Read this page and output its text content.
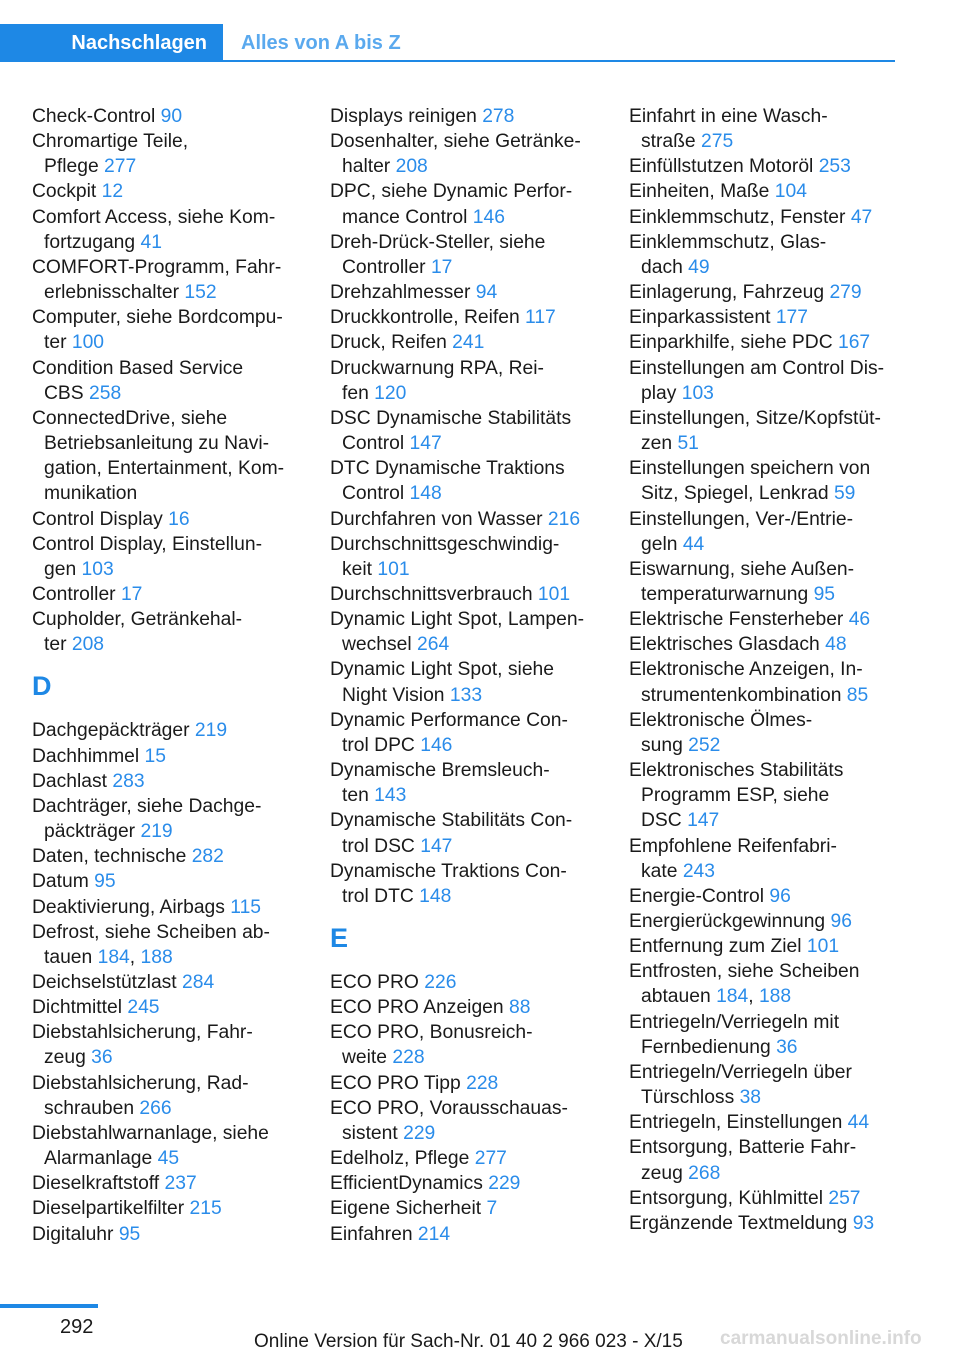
Nachschlagen Alles von A bis Z
Check-Control 90
Chromartige Teile,
Pflege 277
Cockpit 12
Comfort Access, siehe Kom-
fortzugang 41
COMFORT-Programm, Fahr-
erlebnisschalter 152
Computer, siehe Bordcompu-
ter 100
Condition Based Service
CBS 258
ConnectedDrive, siehe
Betriebsanleitung zu Navi-
gation, Entertainment, Kom-
munikation
Control Display 16
Control Display, Einstellun-
gen 103
Controller 17
Cupholder, Getränkehal-
ter 208
D
Dachgepäckträger 219
Dachhimmel 15
Dachlast 283
Dachträger, siehe Dachge-
päckträger 219
Daten, technische 282
Datum 95
Deaktivierung, Airbags 115
Defrost, siehe Scheiben ab-
tauen 184, 188
Deichselstützlast 284
Dichtmittel 245
Diebstahlsicherung, Fahr-
zeug 36
Diebstahlsicherung, Rad-
schrauben 266
Diebstahlwarnanlage, siehe
Alarmanlage 45
Dieselkraftstoff 237
Dieselpartikelfilter 215
Digitaluhr 95
Displays reinigen 278
Dosenhalter, siehe Getränke-
halter 208
DPC, siehe Dynamic Perfor-
mance Control 146
Dreh-Drück-Steller, siehe
Controller 17
Drehzahlmesser 94
Druckkontrolle, Reifen 117
Druck, Reifen 241
Druckwarnung RPA, Rei-
fen 120
DSC Dynamische Stabilitäts
Control 147
DTC Dynamische Traktions
Control 148
Durchfahren von Wasser 216
Durchschnittsgeschwindig-
keit 101
Durchschnittsverbrauch 101
Dynamic Light Spot, Lampen-
wechsel 264
Dynamic Light Spot, siehe
Night Vision 133
Dynamic Performance Con-
trol DPC 146
Dynamische Bremsleuch-
ten 143
Dynamische Stabilitäts Con-
trol DSC 147
Dynamische Traktions Con-
trol DTC 148
E
ECO PRO 226
ECO PRO Anzeigen 88
ECO PRO, Bonusreich-
weite 228
ECO PRO Tipp 228
ECO PRO, Vorausschauas-
sistent 229
Edelholz, Pflege 277
EfficientDynamics 229
Eigene Sicherheit 7
Einfahren 214
Einfahrt in eine Wasch-
straße 275
Einfüllstutzen Motoröl 253
Einheiten, Maße 104
Einklemmschutz, Fenster 47
Einklemmschutz, Glas-
dach 49
Einlagerung, Fahrzeug 279
Einparkassistent 177
Einparkhilfe, siehe PDC 167
Einstellungen am Control Dis-
play 103
Einstellungen, Sitze/Kopfstüt-
zen 51
Einstellungen speichern von
Sitz, Spiegel, Lenkrad 59
Einstellungen, Ver-/Entrie-
geln 44
Eiswarnung, siehe Außen-
temperaturwarnung 95
Elektrische Fensterheber 46
Elektrisches Glasdach 48
Elektronische Anzeigen, In-
strumentenkombination 85
Elektronische Ölmes-
sung 252
Elektronisches Stabilitäts
Programm ESP, siehe
DSC 147
Empfohlene Reifenfabri-
kate 243
Energie-Control 96
Energierückgewinnung 96
Entfernung zum Ziel 101
Entfrosten, siehe Scheiben
abtauen 184, 188
Entriegeln/Verriegeln mit
Fernbedienung 36
Entriegeln/Verriegeln über
Türschloss 38
Entriegeln, Einstellungen 44
Entsorgung, Batterie Fahr-
zeug 268
Entsorgung, Kühlmittel 257
Ergänzende Textmeldung 93
292
Online Version für Sach-Nr. 01 40 2 966 023 - X/15 carmanualsonline.info
